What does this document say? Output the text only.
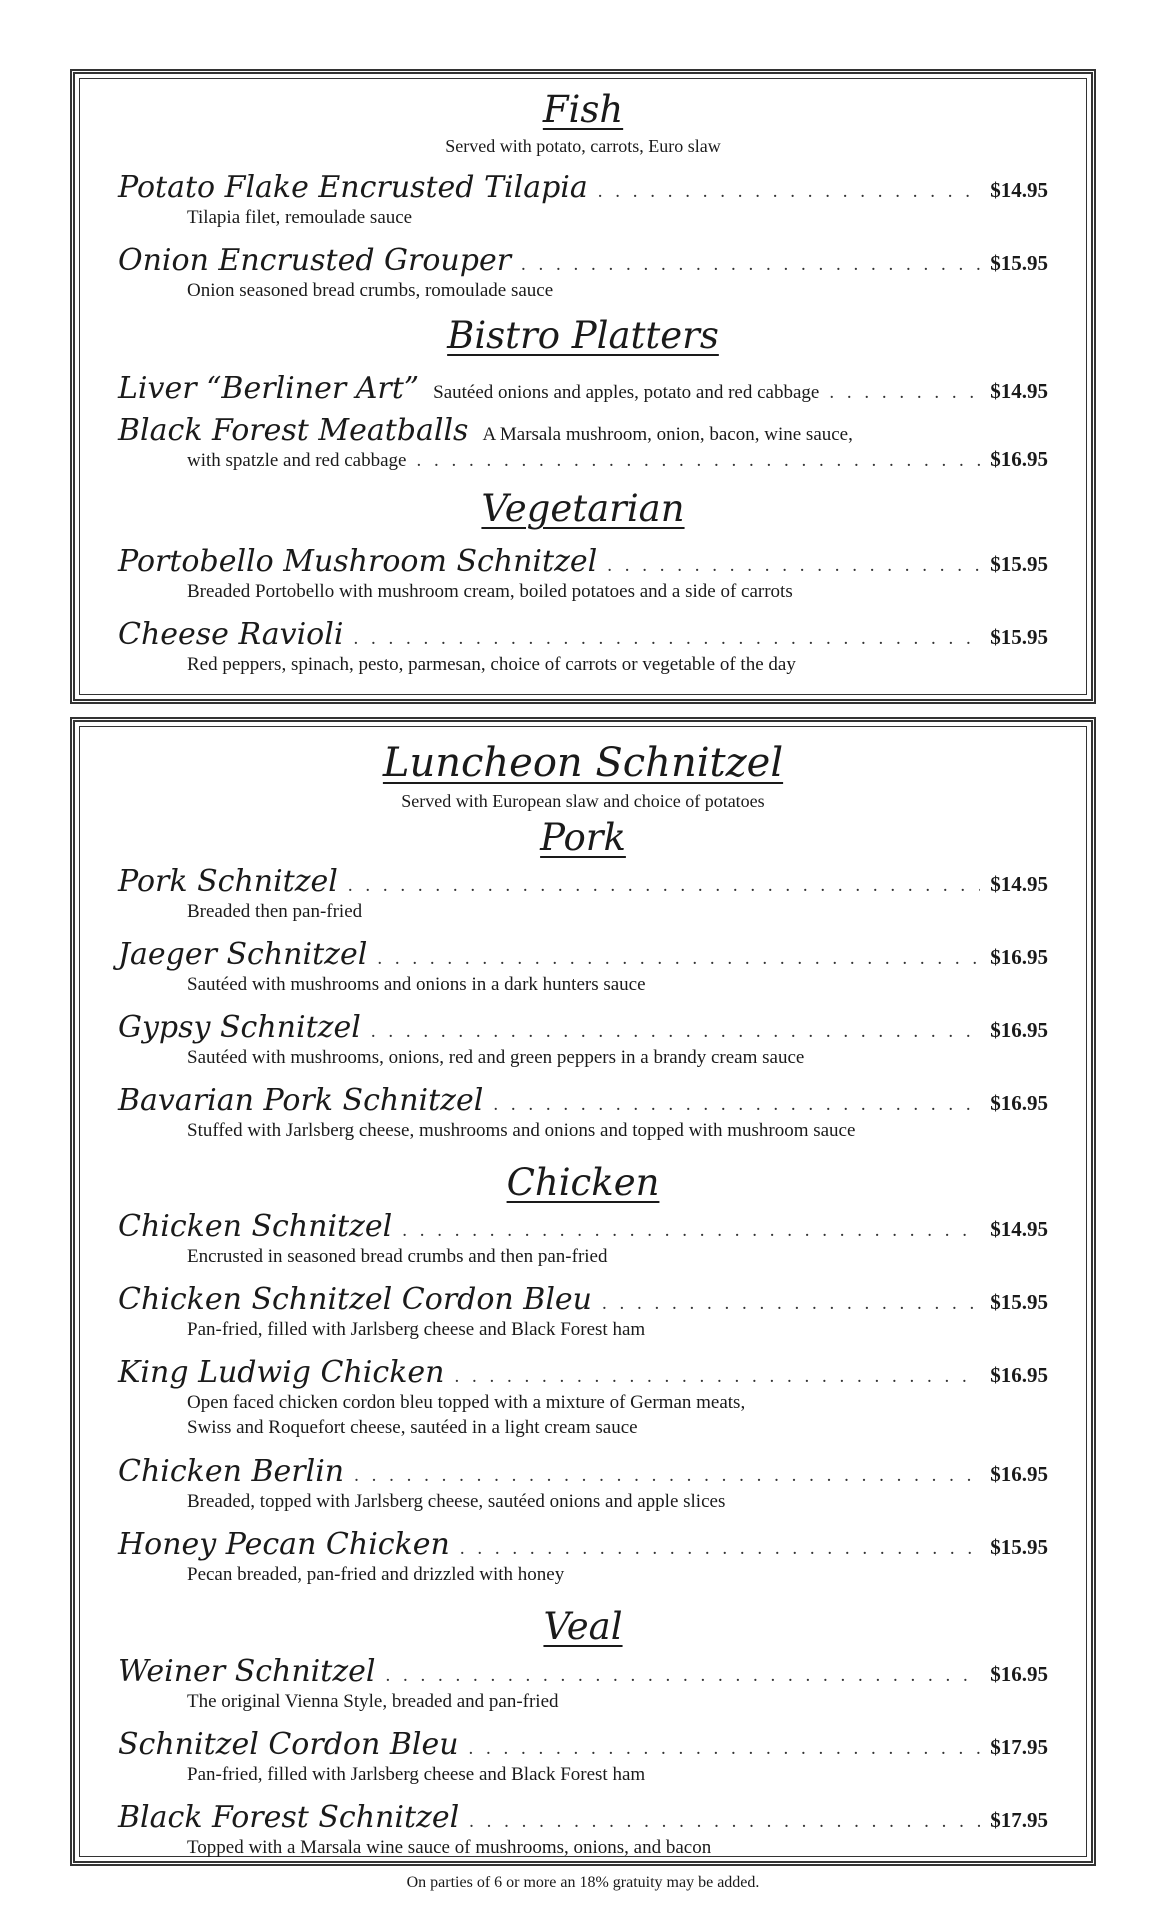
Fish

Served with potato, carrots, Euro slaw

Potato Flake Encrusted Tilapia . . .	$14.95

Tilapia filet, remoulade sauce

Onion Encrusted Grouper . . .	$15.95

Onion seasoned bread crumbs, romoulade sauce

Bistro Platters
Liver “Berliner Art” Sautéed onions and apples, potato and red cabbage . . .	$14.95
Black Forest Meatballs A Marsala mushroom, onion, bacon, wine sauce,
with spatzle and red cabbage . . .	$16.95
Vegetarian
Portobello Mushroom Schnitzel . . .	$15.95

Breaded Portobello with mushroom cream, boiled potatoes and a side of carrots

Cheese Ravioli . . .	$15.95

Red peppers, spinach, pesto, parmesan, choice of carrots or vegetable of the day

Luncheon Schnitzel

Served with European slaw and choice of potatoes

Pork
Pork Schnitzel . . .	$14.95

Breaded then pan-fried

Jaeger Schnitzel . . .	$16.95

Sautéed with mushrooms and onions in a dark hunters sauce

Gypsy Schnitzel . . .	$16.95

Sautéed with mushrooms, onions, red and green peppers in a brandy cream sauce

Bavarian Pork Schnitzel . . .	$16.95

Stuffed with Jarlsberg cheese, mushrooms and onions and topped with mushroom sauce

Chicken
Chicken Schnitzel . . .	$14.95

Encrusted in seasoned bread crumbs and then pan-fried

Chicken Schnitzel Cordon Bleu . . .	$15.95

Pan-fried, filled with Jarlsberg cheese and Black Forest ham

King Ludwig Chicken . . .	$16.95

Open faced chicken cordon bleu topped with a mixture of German meats,

Swiss and Roquefort cheese, sautéed in a light cream sauce

Chicken Berlin . . .	$16.95

Breaded, topped with Jarlsberg cheese, sautéed onions and apple slices

Honey Pecan Chicken . . .	$15.95

Pecan breaded, pan-fried and drizzled with honey

Veal
Weiner Schnitzel . . .	$16.95

The original Vienna Style, breaded and pan-fried

Schnitzel Cordon Bleu . . .	$17.95

Pan-fried, filled with Jarlsberg cheese and Black Forest ham

Black Forest Schnitzel . . .	$17.95

Topped with a Marsala wine sauce of mushrooms, onions, and bacon

On parties of 6 or more an 18% gratuity may be added.
